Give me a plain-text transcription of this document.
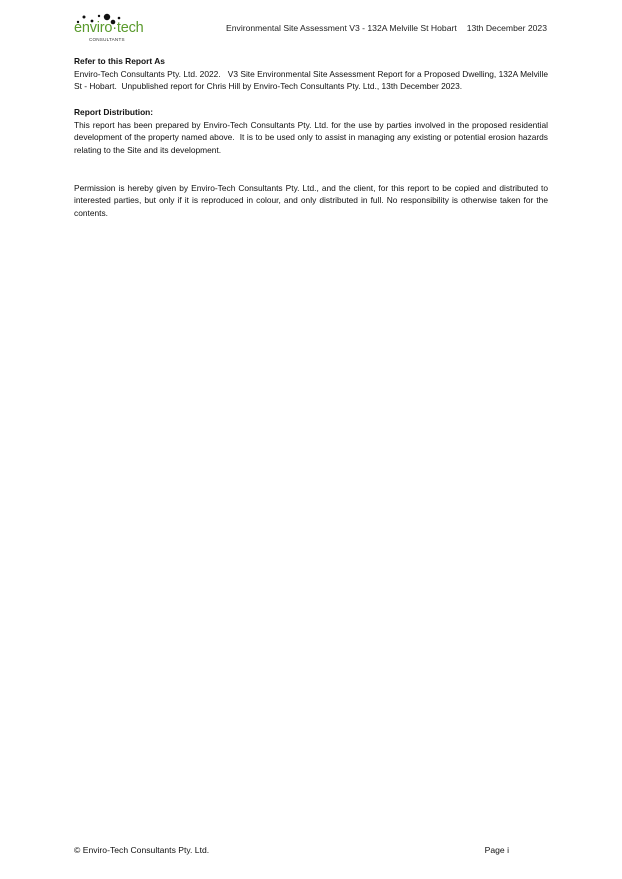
enviro·tech
CONSULTANTS
Environmental Site Assessment V3 - 132A Melville St Hobart 13th December 2023

Refer to this Report As

Enviro-Tech Consultants Pty. Ltd. 2022.   V3 Site Environmental Site Assessment Report for a Proposed Dwelling, 132A Melville St - Hobart.  Unpublished report for Chris Hill by Enviro-Tech Consultants Pty. Ltd., 13th December 2023.

Report Distribution:

This report has been prepared by Enviro-Tech Consultants Pty. Ltd. for the use by parties involved in the proposed residential development of the property named above.  It is to be used only to assist in managing any existing or potential erosion hazards relating to the Site and its development.

Permission is hereby given by Enviro-Tech Consultants Pty. Ltd., and the client, for this report to be copied and distributed to interested parties, but only if it is reproduced in colour, and only distributed in full. No responsibility is otherwise taken for the contents.

© Enviro-Tech Consultants Pty. Ltd.	Page i
